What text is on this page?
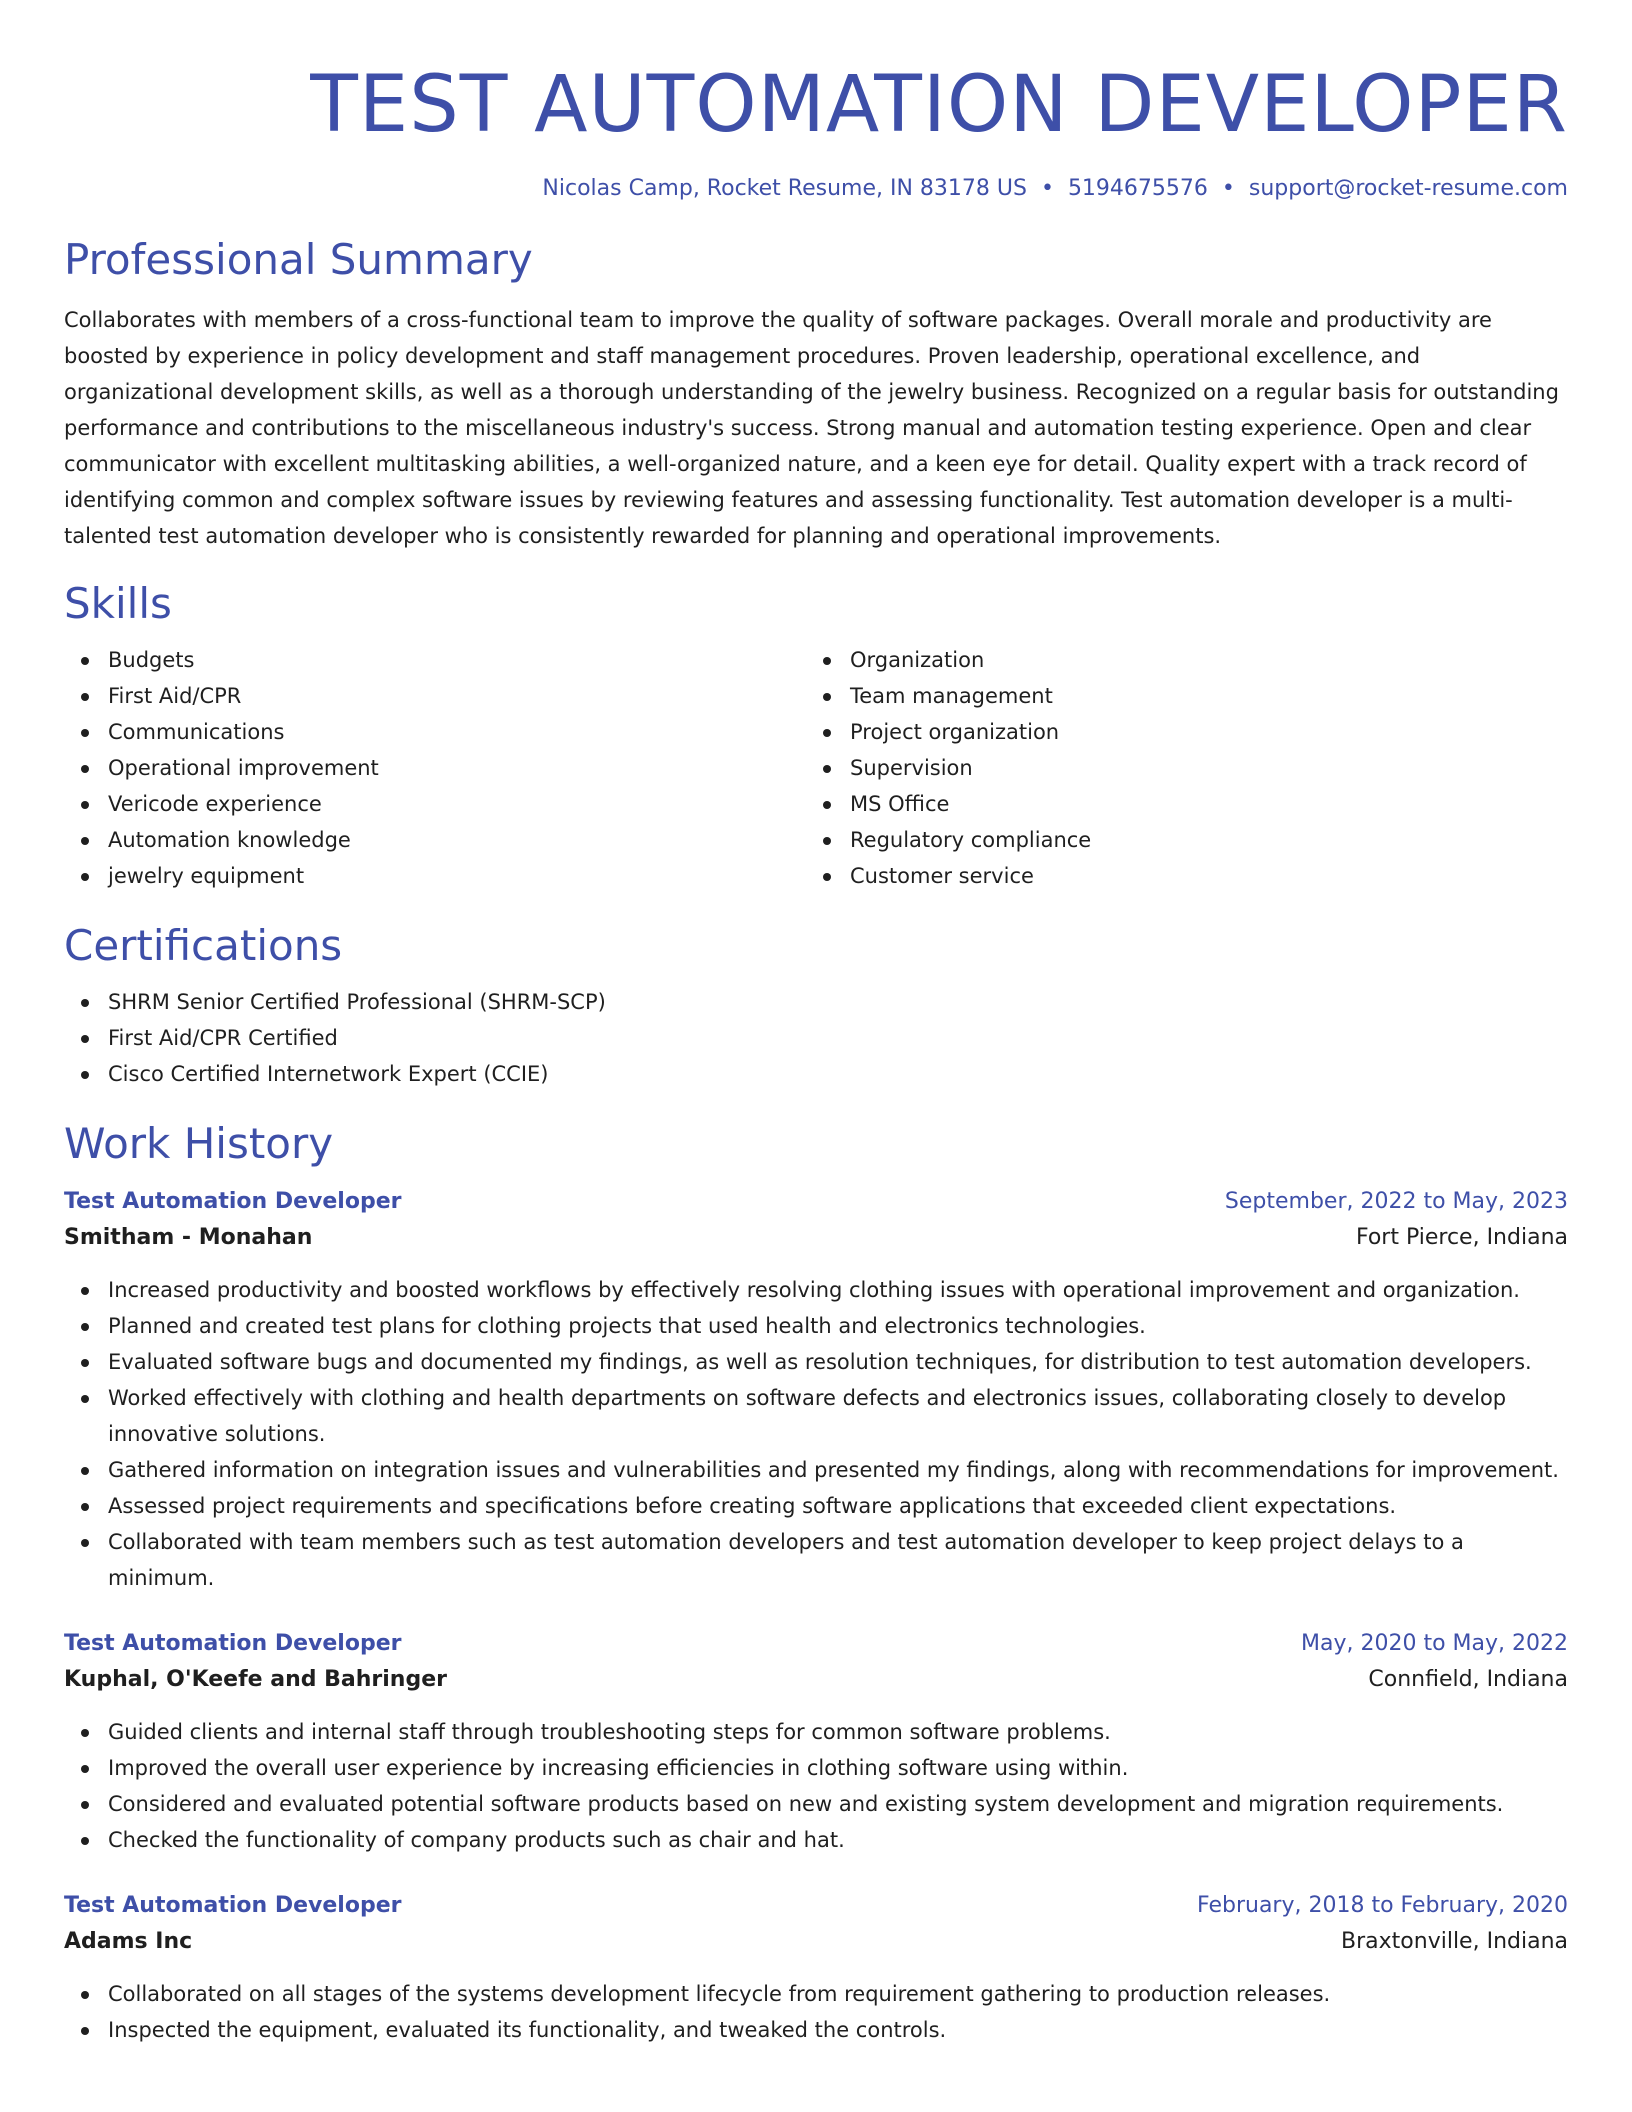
TEST AUTOMATION DEVELOPER
Nicolas Camp, Rocket Resume, IN 83178 US • 5194675576 • support@rocket-resume.com
Professional Summary

Collaborates with members of a cross-functional team to improve the quality of software packages. Overall morale and productivity are boosted by experience in policy development and staff management procedures. Proven leadership, operational excellence, and organizational development skills, as well as a thorough understanding of the jewelry business. Recognized on a regular basis for outstanding performance and contributions to the miscellaneous industry's success. Strong manual and automation testing experience. Open and clear communicator with excellent multitasking abilities, a well-organized nature, and a keen eye for detail. Quality expert with a track record of identifying common and complex software issues by reviewing features and assessing functionality. Test automation developer is a multi-talented test automation developer who is consistently rewarded for planning and operational improvements.

Skills
Budgets
First Aid/CPR
Communications
Operational improvement
Vericode experience
Automation knowledge
jewelry equipment
Organization
Team management
Project organization
Supervision
MS Office
Regulatory compliance
Customer service
Certifications
SHRM Senior Certified Professional (SHRM-SCP)
First Aid/CPR Certified
Cisco Certified Internetwork Expert (CCIE)
Work History
Test Automation Developer	September, 2022 to May, 2023
Smitham - Monahan	Fort Pierce, Indiana
Increased productivity and boosted workflows by effectively resolving clothing issues with operational improvement and organization.
Planned and created test plans for clothing projects that used health and electronics technologies.
Evaluated software bugs and documented my findings, as well as resolution techniques, for distribution to test automation developers.
Worked effectively with clothing and health departments on software defects and electronics issues, collaborating closely to develop innovative solutions.
Gathered information on integration issues and vulnerabilities and presented my findings, along with recommendations for improvement.
Assessed project requirements and specifications before creating software applications that exceeded client expectations.
Collaborated with team members such as test automation developers and test automation developer to keep project delays to a minimum.
Test Automation Developer	May, 2020 to May, 2022
Kuphal, O'Keefe and Bahringer	Connfield, Indiana
Guided clients and internal staff through troubleshooting steps for common software problems.
Improved the overall user experience by increasing efficiencies in clothing software using within.
Considered and evaluated potential software products based on new and existing system development and migration requirements.
Checked the functionality of company products such as chair and hat.
Test Automation Developer	February, 2018 to February, 2020
Adams Inc	Braxtonville, Indiana
Collaborated on all stages of the systems development lifecycle from requirement gathering to production releases.
Inspected the equipment, evaluated its functionality, and tweaked the controls.
